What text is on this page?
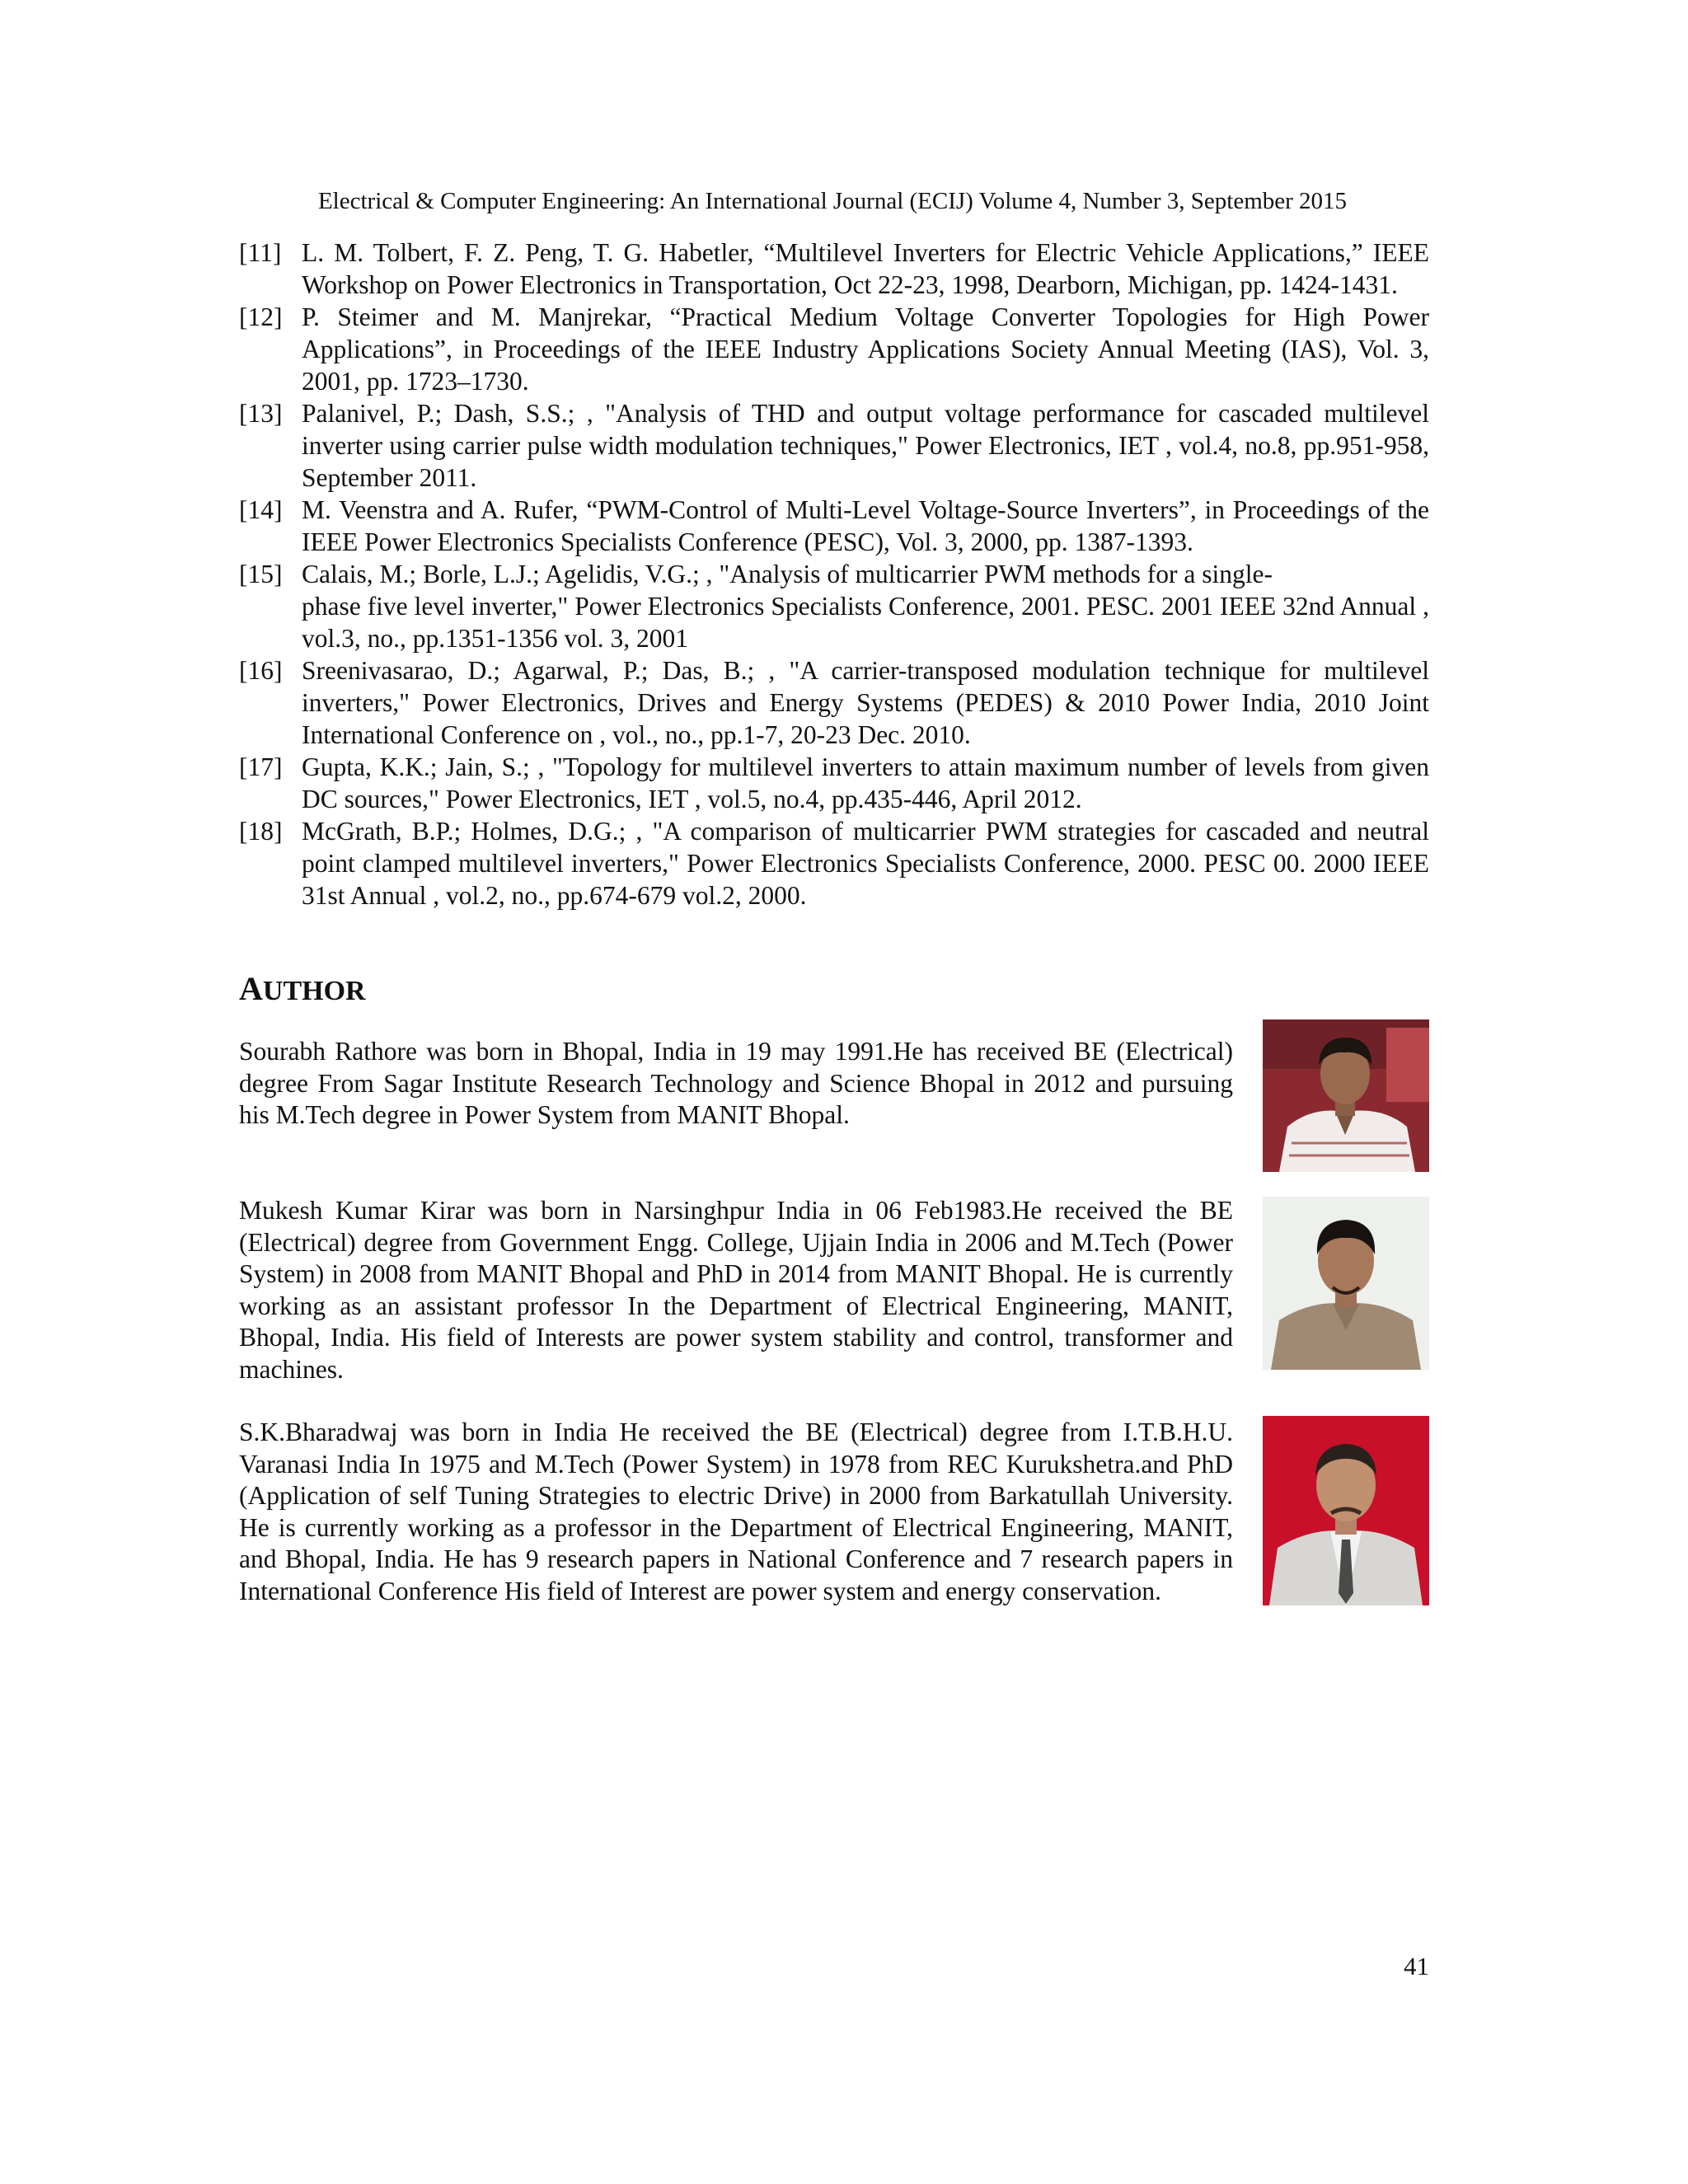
Electrical & Computer Engineering: An International Journal (ECIJ) Volume 4, Number 3, September 2015
[11] L. M. Tolbert, F. Z. Peng, T. G. Habetler, “Multilevel Inverters for Electric Vehicle Applications,” IEEE Workshop on Power Electronics in Transportation, Oct 22-23, 1998, Dearborn, Michigan, pp. 1424-1431.
[12] P. Steimer and M. Manjrekar, “Practical Medium Voltage Converter Topologies for High Power Applications”, in Proceedings of the IEEE Industry Applications Society Annual Meeting (IAS), Vol. 3, 2001, pp. 1723–1730.
[13] Palanivel, P.; Dash, S.S.; , "Analysis of THD and output voltage performance for cascaded multilevel inverter using carrier pulse width modulation techniques," Power Electronics, IET , vol.4, no.8, pp.951-958, September 2011.
[14] M. Veenstra and A. Rufer, “PWM-Control of Multi-Level Voltage-Source Inverters”, in Proceedings of the IEEE Power Electronics Specialists Conference (PESC), Vol. 3, 2000, pp. 1387-1393.
[15] Calais, M.; Borle, L.J.; Agelidis, V.G.; , "Analysis of multicarrier PWM methods for a single-
phase five level inverter," Power Electronics Specialists Conference, 2001. PESC. 2001 IEEE 32nd Annual , vol.3, no., pp.1351-1356 vol. 3, 2001
[16] Sreenivasarao, D.; Agarwal, P.; Das, B.; , "A carrier-transposed modulation technique for multilevel inverters," Power Electronics, Drives and Energy Systems (PEDES) & 2010 Power India, 2010 Joint International Conference on , vol., no., pp.1-7, 20-23 Dec. 2010.
[17] Gupta, K.K.; Jain, S.; , "Topology for multilevel inverters to attain maximum number of levels from given DC sources," Power Electronics, IET , vol.5, no.4, pp.435-446, April 2012.
[18] McGrath, B.P.; Holmes, D.G.; , "A comparison of multicarrier PWM strategies for cascaded and neutral point clamped multilevel inverters," Power Electronics Specialists Conference, 2000. PESC 00. 2000 IEEE 31st Annual , vol.2, no., pp.674-679 vol.2, 2000.
AUTHOR
Sourabh Rathore was born in Bhopal, India in 19 may 1991.He has received BE (Electrical) degree From Sagar Institute Research Technology and Science Bhopal in 2012 and pursuing his M.Tech degree in Power System from MANIT Bhopal.
Mukesh Kumar Kirar was born in Narsinghpur India in 06 Feb1983.He received the BE (Electrical) degree from Government Engg. College, Ujjain India in 2006 and M.Tech (Power System) in 2008 from MANIT Bhopal and PhD in 2014 from MANIT Bhopal. He is currently working as an assistant professor In the Department of Electrical Engineering, MANIT, Bhopal, India. His field of Interests are power system stability and control, transformer and machines.
S.K.Bharadwaj was born in India He received the BE (Electrical) degree from I.T.B.H.U. Varanasi India In 1975 and M.Tech (Power System) in 1978 from REC Kurukshetra.and PhD (Application of self Tuning Strategies to electric Drive) in 2000 from Barkatullah University. He is currently working as a professor in the Department of Electrical Engineering, MANIT, and Bhopal, India. He has 9 research papers in National Conference and 7 research papers in International Conference His field of Interest are power system and energy conservation.
41
